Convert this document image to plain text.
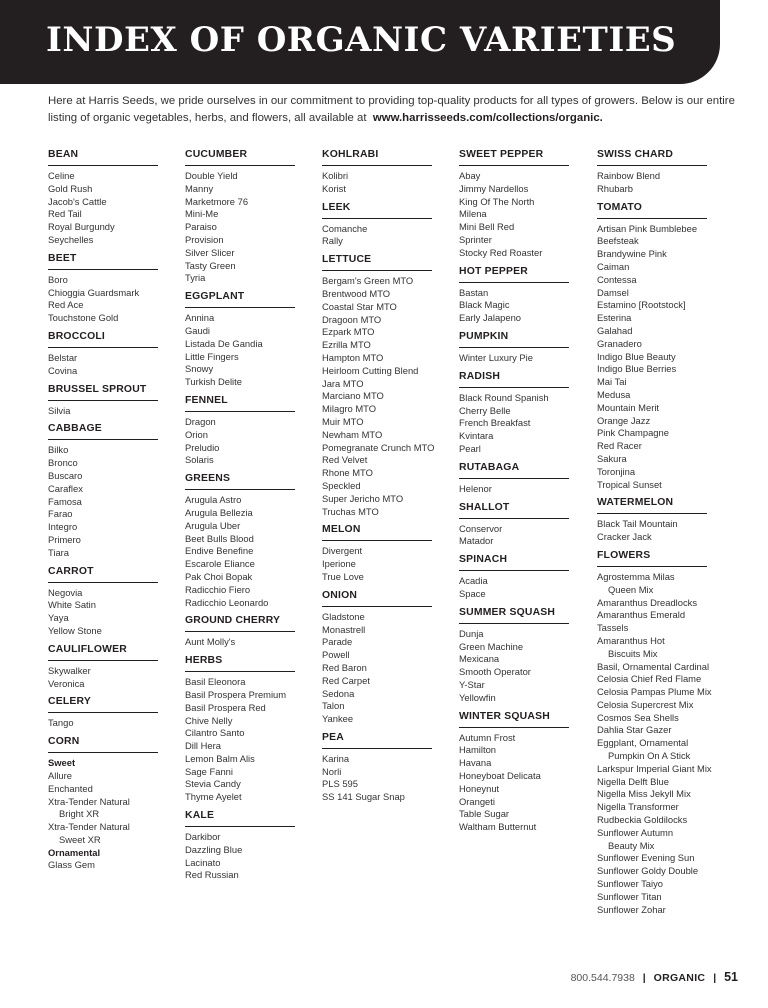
INDEX OF ORGANIC VARIETIES

Here at Harris Seeds, we pride ourselves in our commitment to providing top-quality products for all types of growers. Below is our entire listing of organic vegetables, herbs, and flowers, all available at www.harrisseeds.com/collections/organic.

BEAN
Celine
Gold Rush
Jacob's Cattle
Red Tail
Royal Burgundy
Seychelles
BEET
Boro
Chioggia Guardsmark
Red Ace
Touchstone Gold
BROCCOLI
Belstar
Covina
BRUSSEL SPROUT
Silvia
CABBAGE
Bilko
Bronco
Buscaro
Caraflex
Famosa
Farao
Integro
Primero
Tiara
CARROT
Negovia
White Satin
Yaya
Yellow Stone
CAULIFLOWER
Skywalker
Veronica
CELERY
Tango
CORN
Sweet
Allure
Enchanted
Xtra-Tender Natural
Bright XR
Xtra-Tender Natural
Sweet XR
Ornamental
Glass Gem
CUCUMBER
Double Yield
Manny
Marketmore 76
Mini-Me
Paraiso
Provision
Silver Slicer
Tasty Green
Tyria
EGGPLANT
Annina
Gaudi
Listada De Gandia
Little Fingers
Snowy
Turkish Delite
FENNEL
Dragon
Orion
Preludio
Solaris
GREENS
Arugula Astro
Arugula Bellezia
Arugula Uber
Beet Bulls Blood
Endive Benefine
Escarole Eliance
Pak Choi Bopak
Radicchio Fiero
Radicchio Leonardo
GROUND CHERRY
Aunt Molly's
HERBS
Basil Eleonora
Basil Prospera Premium
Basil Prospera Red
Chive Nelly
Cilantro Santo
Dill Hera
Lemon Balm Alis
Sage Fanni
Stevia Candy
Thyme Ayelet
KALE
Darkibor
Dazzling Blue
Lacinato
Red Russian
KOHLRABI
Kolibri
Korist
LEEK
Comanche
Rally
LETTUCE
Bergam's Green MTO
Brentwood MTO
Coastal Star MTO
Dragoon MTO
Ezpark MTO
Ezrilla MTO
Hampton MTO
Heirloom Cutting Blend
Jara MTO
Marciano MTO
Milagro MTO
Muir MTO
Newham MTO
Pomegranate Crunch MTO
Red Velvet
Rhone MTO
Speckled
Super Jericho MTO
Truchas MTO
MELON
Divergent
Iperione
True Love
ONION
Gladstone
Monastrell
Parade
Powell
Red Baron
Red Carpet
Sedona
Talon
Yankee
PEA
Karina
Norli
PLS 595
SS 141 Sugar Snap
SWEET PEPPER
Abay
Jimmy Nardellos
King Of The North
Milena
Mini Bell Red
Sprinter
Stocky Red Roaster
HOT PEPPER
Bastan
Black Magic
Early Jalapeno
PUMPKIN
Winter Luxury Pie
RADISH
Black Round Spanish
Cherry Belle
French Breakfast
Kvintara
Pearl
RUTABAGA
Helenor
SHALLOT
Conservor
Matador
SPINACH
Acadia
Space
SUMMER SQUASH
Dunja
Green Machine
Mexicana
Smooth Operator
Y-Star
Yellowfin
WINTER SQUASH
Autumn Frost
Hamilton
Havana
Honeyboat Delicata
Honeynut
Orangeti
Table Sugar
Waltham Butternut
SWISS CHARD
Rainbow Blend
Rhubarb
TOMATO
Artisan Pink Bumblebee
Beefsteak
Brandywine Pink
Caiman
Contessa
Damsel
Estamino [Rootstock]
Esterina
Galahad
Granadero
Indigo Blue Beauty
Indigo Blue Berries
Mai Tai
Medusa
Mountain Merit
Orange Jazz
Pink Champagne
Red Racer
Sakura
Toronjina
Tropical Sunset
WATERMELON
Black Tail Mountain
Cracker Jack
FLOWERS
Agrostemma Milas
Queen Mix
Amaranthus Dreadlocks
Amaranthus Emerald
Tassels
Amaranthus Hot
Biscuits Mix
Basil, Ornamental Cardinal
Celosia Chief Red Flame
Celosia Pampas Plume Mix
Celosia Supercrest Mix
Cosmos Sea Shells
Dahlia Star Gazer
Eggplant, Ornamental
Pumpkin On A Stick
Larkspur Imperial Giant Mix
Nigella Delft Blue
Nigella Miss Jekyll Mix
Nigella Transformer
Rudbeckia Goldilocks
Sunflower Autumn
Beauty Mix
Sunflower Evening Sun
Sunflower Goldy Double
Sunflower Taiyo
Sunflower Titan
Sunflower Zohar
800.544.7938 | ORGANIC | 51
